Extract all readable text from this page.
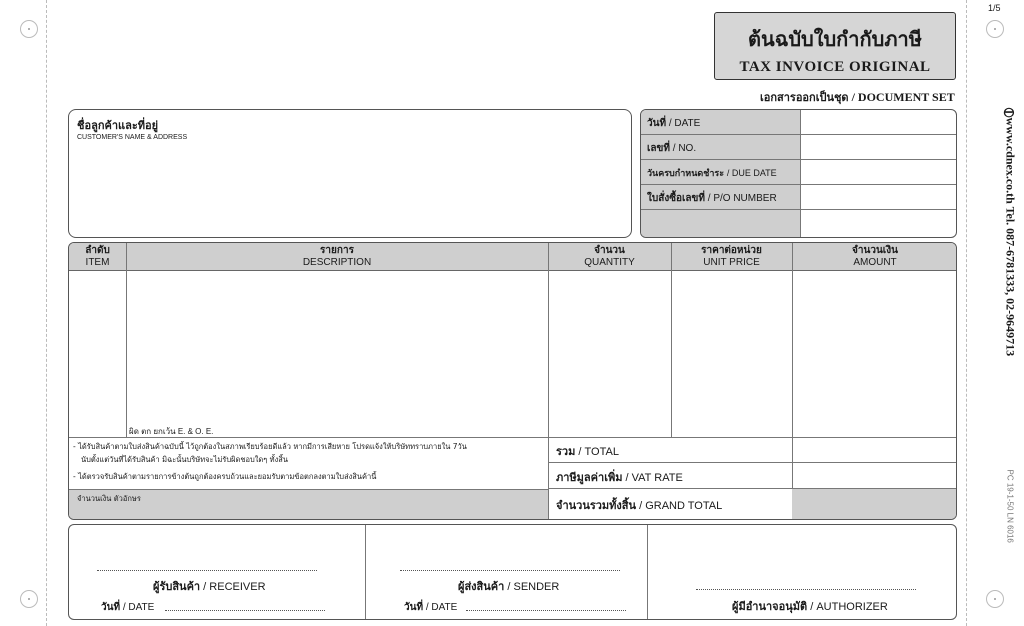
1/5
ต้นฉบับใบกำกับภาษี
TAX INVOICE ORIGINAL
เอกสารออกเป็นชุด / DOCUMENT SET
⦶
www.cdnex.co.th Tel. 087-6781333, 02-9649713
PC 19-1-50 LN 6016
ชื่อลูกค้าและที่อยู่
CUSTOMER'S NAME & ADDRESS
วันที่ / DATE
เลขที่ / NO.
วันครบกำหนดชำระ / DUE DATE
ใบสั่งซื้อเลขที่ / P/O NUMBER
ลำดับ
ITEM
รายการ
DESCRIPTION
จำนวน
QUANTITY
ราคาต่อหน่วย
UNIT PRICE
จำนวนเงิน
AMOUNT
ผิด ตก ยกเว้น E. & O. E.
- ได้รับสินค้าตามใบส่งสินค้าฉบับนี้ ไว้ถูกต้องในสภาพเรียบร้อยดีแล้ว หากมีการเสียหาย โปรดแจ้งให้บริษัททราบภายใน 7วัน
นับตั้งแต่วันที่ได้รับสินค้า มิฉะนั้นบริษัทจะไม่รับผิดชอบใดๆ ทั้งสิ้น
- ได้ตรวจรับสินค้าตามรายการข้างต้นถูกต้องครบถ้วนและยอมรับตามข้อตกลงตามใบส่งสินค้านี้
จำนวนเงิน ตัวอักษร
รวม / TOTAL
ภาษีมูลค่าเพิ่ม / VAT RATE
จำนวนรวมทั้งสิ้น / GRAND TOTAL
ผู้รับสินค้า / RECEIVER
วันที่ / DATE
ผู้ส่งสินค้า / SENDER
วันที่ / DATE	ผู้มีอำนาจอนุมัติ / AUTHORIZER
